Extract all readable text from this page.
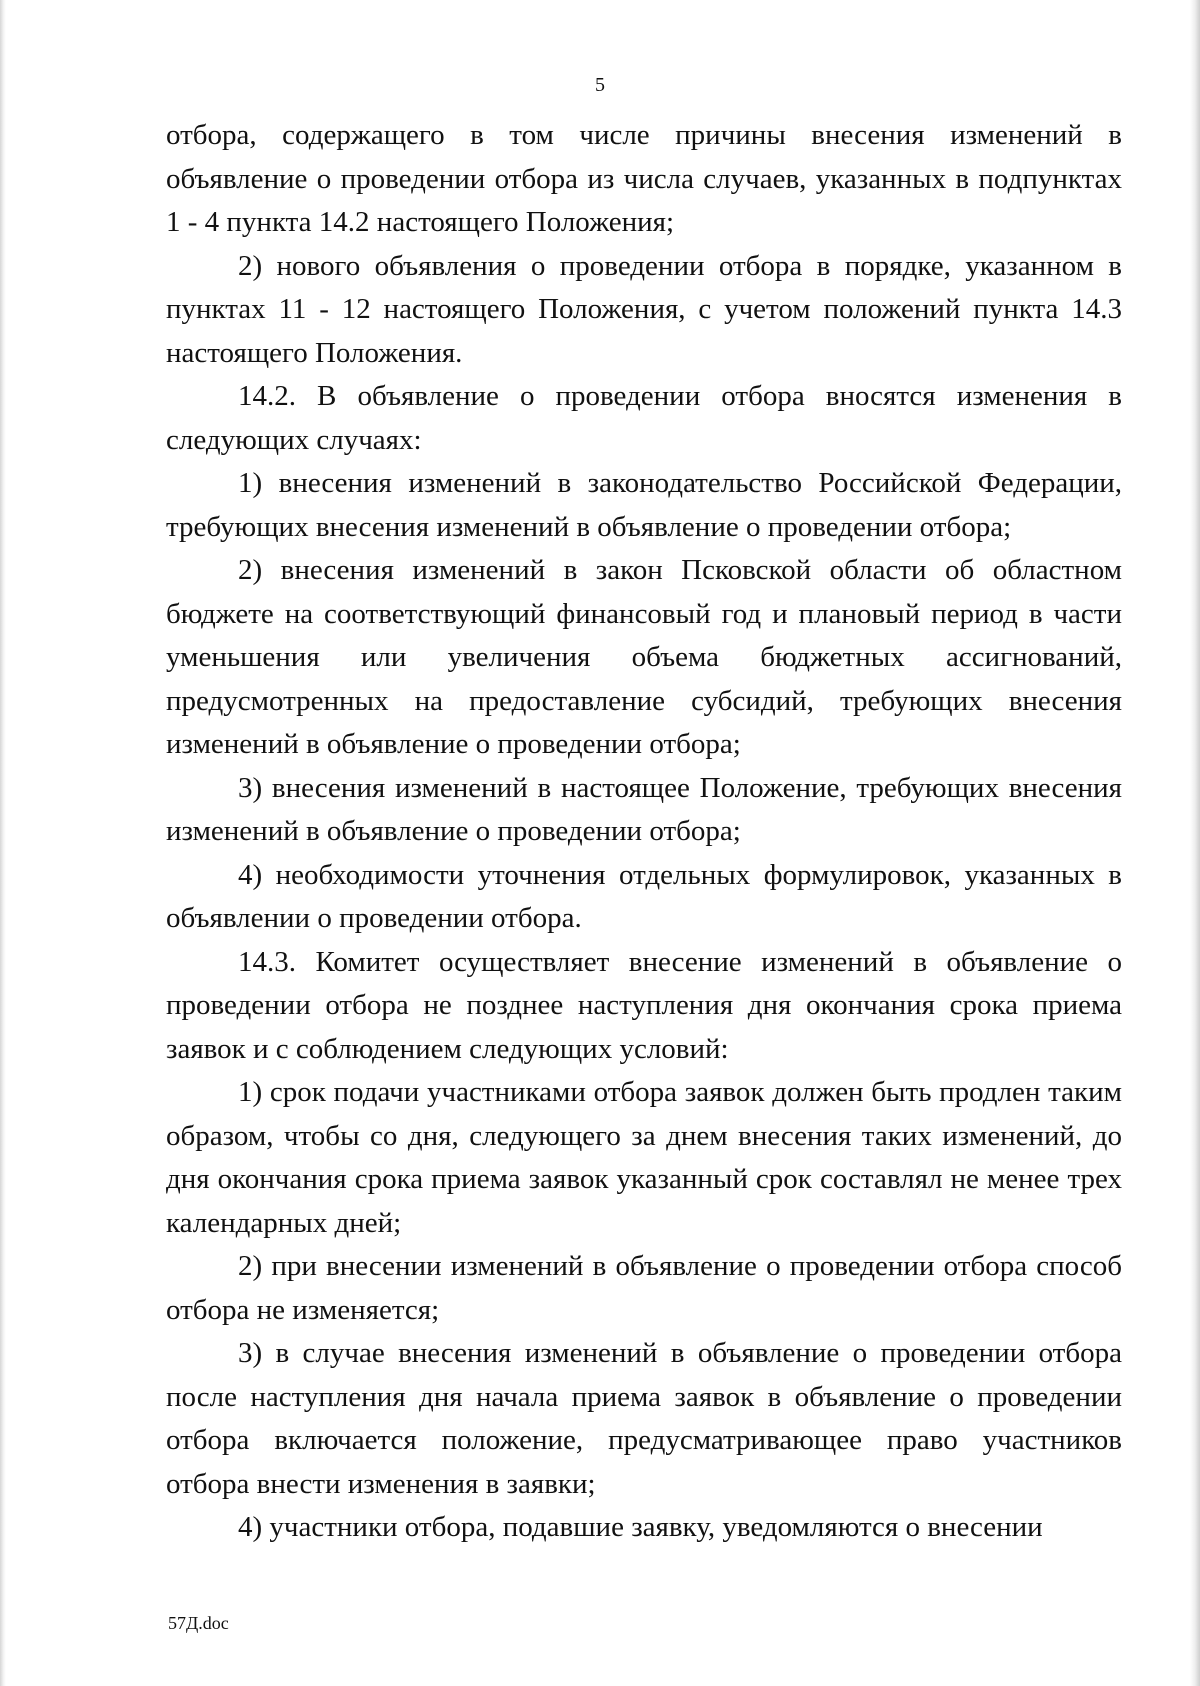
5

отбора, содержащего в том числе причины внесения изменений в объявление о проведении отбора из числа случаев, указанных в подпунктах 1 - 4 пункта 14.2 настоящего Положения;

2) нового объявления о проведении отбора в порядке, указанном в пунктах 11 - 12 настоящего Положения, с учетом положений пункта 14.3 настоящего Положения.

14.2. В объявление о проведении отбора вносятся изменения в следующих случаях:

1) внесения изменений в законодательство Российской Федерации, требующих внесения изменений в объявление о проведении отбора;

2) внесения изменений в закон Псковской области об областном бюджете на соответствующий финансовый год и плановый период в части уменьшения или увеличения объема бюджетных ассигнований, предусмотренных на предоставление субсидий, требующих внесения изменений в объявление о проведении отбора;

3) внесения изменений в настоящее Положение, требующих внесения изменений в объявление о проведении отбора;

4) необходимости уточнения отдельных формулировок, указанных в объявлении о проведении отбора.

14.3. Комитет осуществляет внесение изменений в объявление о проведении отбора не позднее наступления дня окончания срока приема заявок и с соблюдением следующих условий:

1) срок подачи участниками отбора заявок должен быть продлен таким образом, чтобы со дня, следующего за днем внесения таких изменений, до дня окончания срока приема заявок указанный срок составлял не менее трех календарных дней;

2) при внесении изменений в объявление о проведении отбора способ отбора не изменяется;

3) в случае внесения изменений в объявление о проведении отбора после наступления дня начала приема заявок в объявление о проведении отбора включается положение, предусматривающее право участников отбора внести изменения в заявки;

4) участники отбора, подавшие заявку, уведомляются о внесении

57Д.doc
